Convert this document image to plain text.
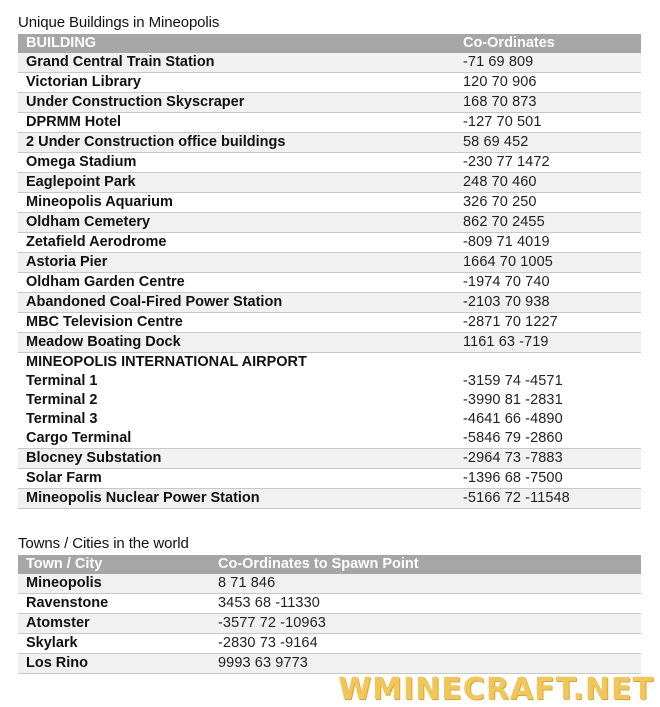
Unique Buildings in Mineopolis
BUILDING	Co-Ordinates
Grand Central Train Station	-71 69 809
Victorian Library	120 70 906
Under Construction Skyscraper	168 70 873
DPRMM Hotel	-127 70 501
2 Under Construction office buildings	58 69 452
Omega Stadium	-230 77 1472
Eaglepoint Park	248 70 460
Mineopolis Aquarium	326 70 250
Oldham Cemetery	862 70 2455
Zetafield Aerodrome	-809 71 4019
Astoria Pier	1664 70 1005
Oldham Garden Centre	-1974 70 740
Abandoned Coal-Fired Power Station	-2103 70 938
MBC Television Centre	-2871 70 1227
Meadow Boating Dock	1161 63 -719
MINEOPOLIS INTERNATIONAL AIRPORT	
Terminal 1	-3159 74 -4571
Terminal 2	-3990 81 -2831
Terminal 3	-4641 66 -4890
Cargo Terminal	-5846 79 -2860
Blocney Substation	-2964 73 -7883
Solar Farm	-1396 68 -7500
Mineopolis Nuclear Power Station	-5166 72 -11548
Towns / Cities in the world
Town / City	Co-Ordinates to Spawn Point
Mineopolis	8 71 846
Ravenstone	3453 68 -11330
Atomster	-3577 72 -10963
Skylark	-2830 73 -9164
Los Rino	9993 63 9773
WMINECRAFT.NET
